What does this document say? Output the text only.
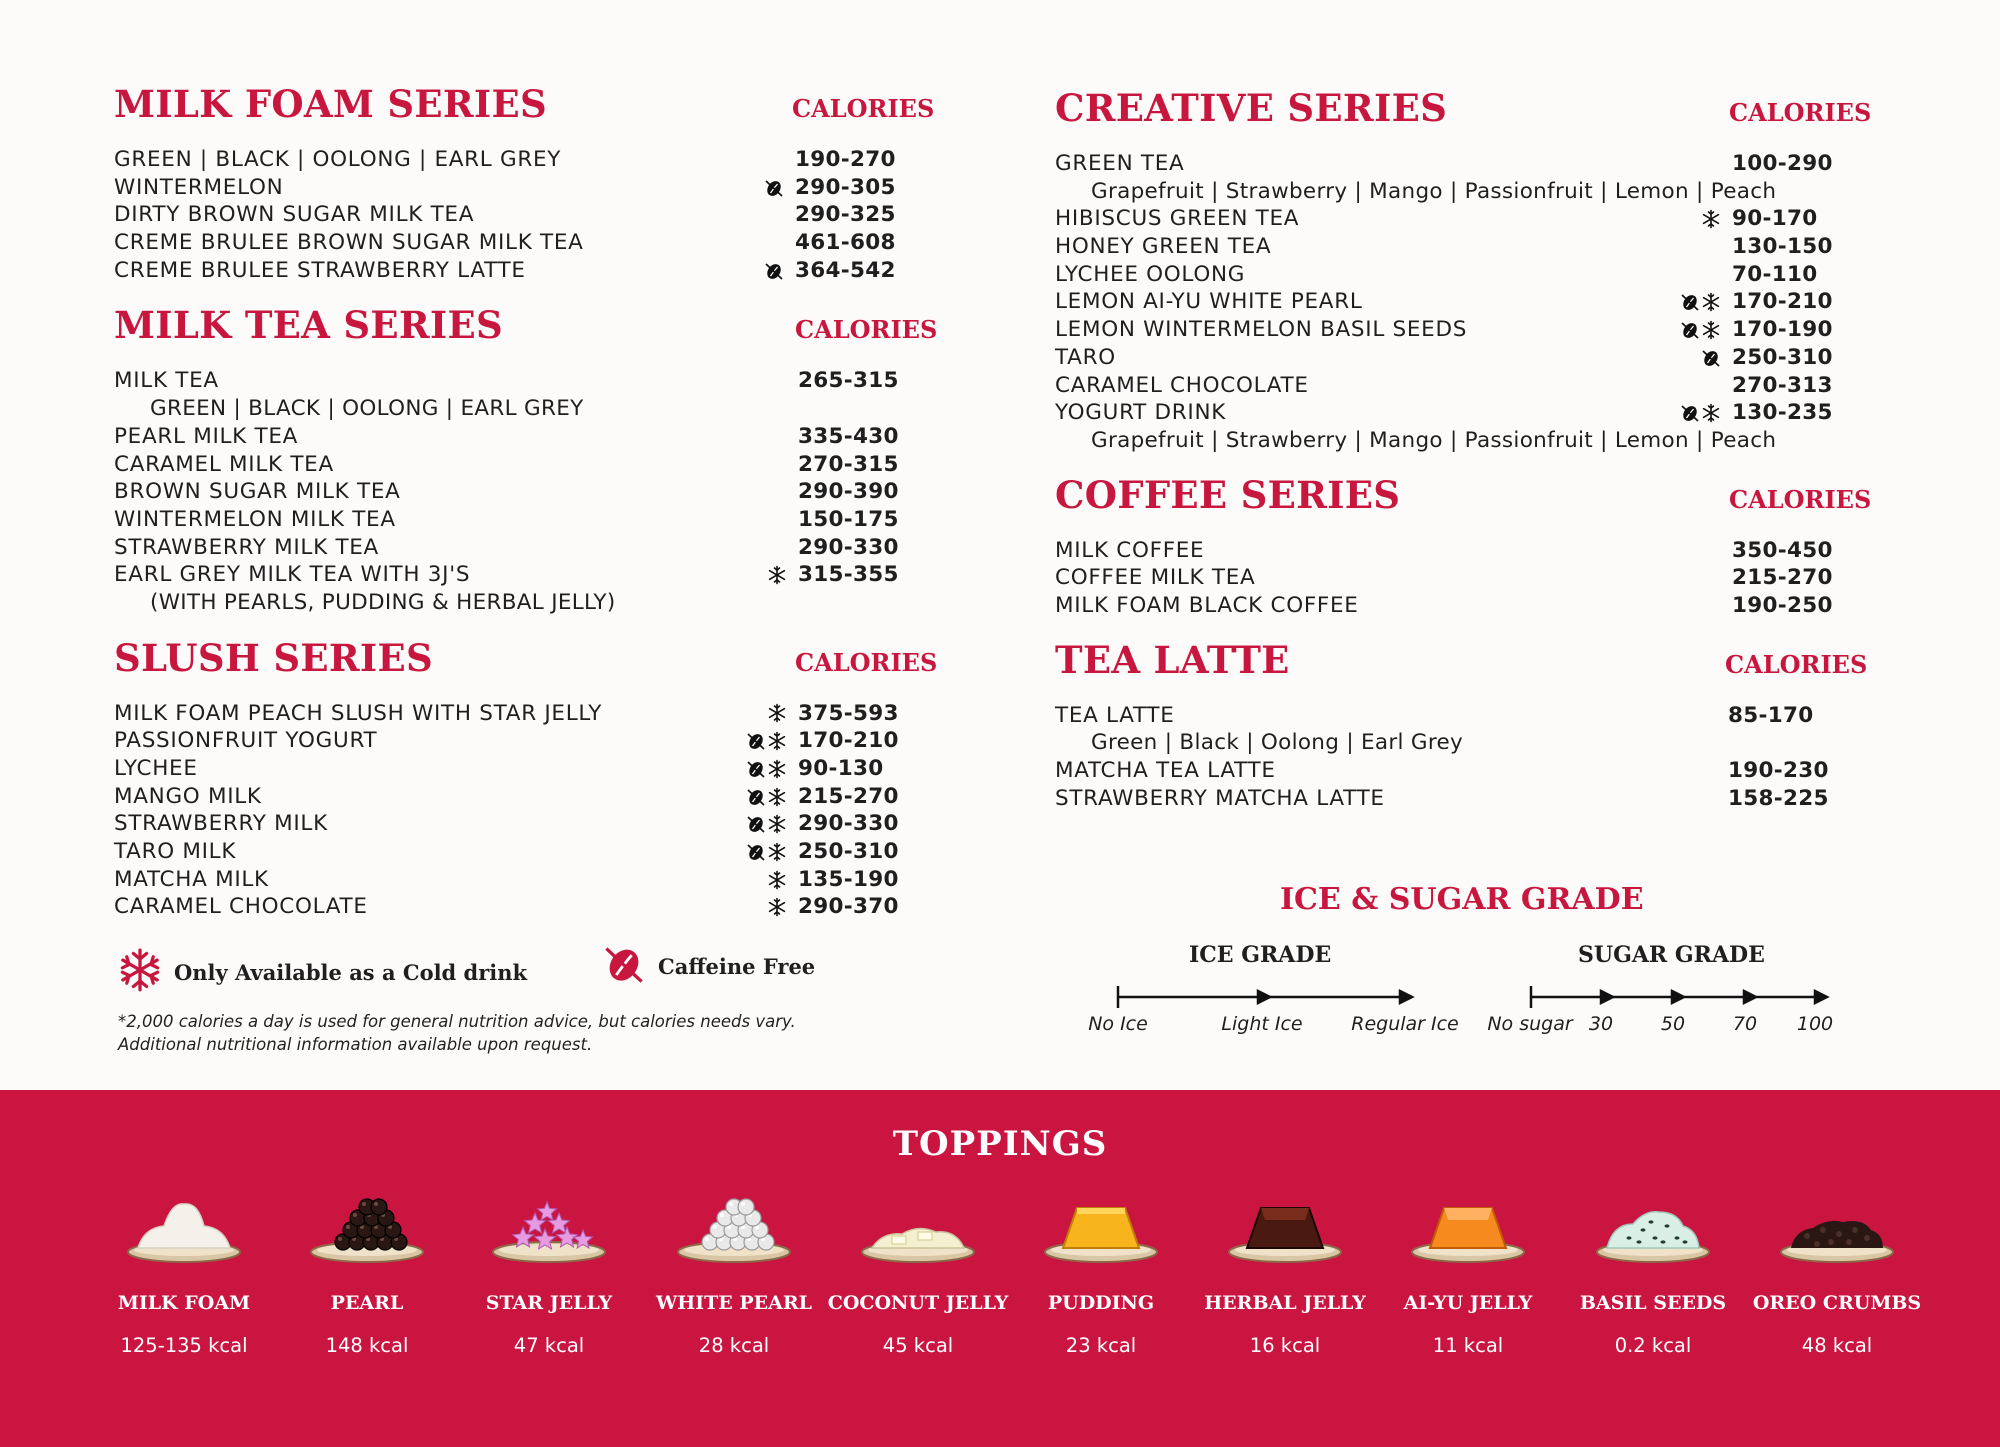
MILK FOAM SERIES	CALORIES
GREEN | BLACK | OOLONG | EARL GREY	190-270
WINTERMELON	290-305
DIRTY BROWN SUGAR MILK TEA	290-325
CREME BRULEE BROWN SUGAR MILK TEA	461-608
CREME BRULEE STRAWBERRY LATTE	364-542
MILK TEA SERIES	CALORIES
MILK TEA	265-315
GREEN | BLACK | OOLONG | EARL GREY
PEARL MILK TEA	335-430
CARAMEL MILK TEA	270-315
BROWN SUGAR MILK TEA	290-390
WINTERMELON MILK TEA	150-175
STRAWBERRY MILK TEA	290-330
EARL GREY MILK TEA WITH 3J'S	315-355
(WITH PEARLS, PUDDING & HERBAL JELLY)
SLUSH SERIES	CALORIES
MILK FOAM PEACH SLUSH WITH STAR JELLY	375-593
PASSIONFRUIT YOGURT	170-210
LYCHEE	90-130
MANGO MILK	215-270
STRAWBERRY MILK	290-330
TARO MILK	250-310
MATCHA MILK	135-190
CARAMEL CHOCOLATE	290-370
CREATIVE SERIES	CALORIES
GREEN TEA	100-290
Grapefruit | Strawberry | Mango | Passionfruit | Lemon | Peach
HIBISCUS GREEN TEA	90-170
HONEY GREEN TEA	130-150
LYCHEE OOLONG	70-110
LEMON AI-YU WHITE PEARL	170-210
LEMON WINTERMELON BASIL SEEDS	170-190
TARO	250-310
CARAMEL CHOCOLATE	270-313
YOGURT DRINK	130-235
Grapefruit | Strawberry | Mango | Passionfruit | Lemon | Peach
COFFEE SERIES	CALORIES
MILK COFFEE	350-450
COFFEE MILK TEA	215-270
MILK FOAM BLACK COFFEE	190-250
TEA LATTE	CALORIES
TEA LATTE	85-170
Green | Black | Oolong | Earl Grey
MATCHA TEA LATTE	190-230
STRAWBERRY MATCHA LATTE	158-225
Only Available as a Cold drink	Caffeine Free
*2,000 calories a day is used for general nutrition advice, but calories needs vary.
Additional nutritional information available upon request.
ICE & SUGAR GRADE
ICE GRADE	SUGAR GRADE
No Ice	Light Ice	Regular Ice No sugar 30	50	70 100
TOPPINGS
MILK FOAM
125-135 kcal
PEARL
148 kcal
STAR JELLY
47 kcal
WHITE PEARL
28 kcal
COCONUT JELLY
45 kcal
PUDDING
23 kcal
HERBAL JELLY
16 kcal
AI-YU JELLY
11 kcal
BASIL SEEDS
0.2 kcal
OREO CRUMBS
48 kcal
